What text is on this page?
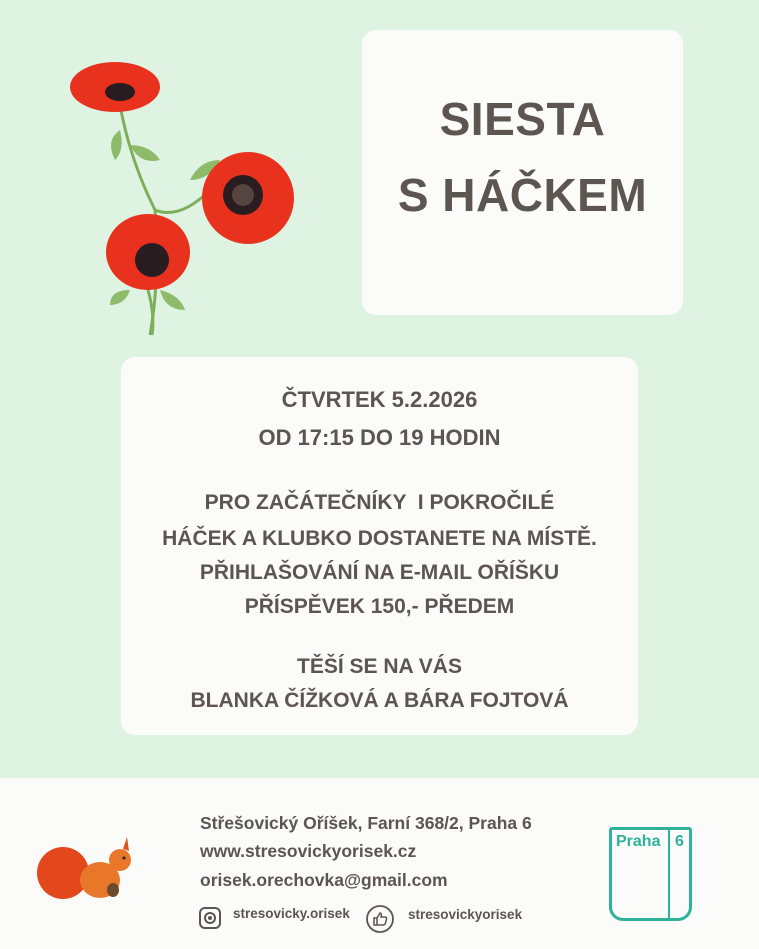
SIESTA
S HÁČKEM
ČTVRTEK 5.2.2026
OD 17:15 DO 19 HODIN
PRO ZAČÁTEČNÍKY  I POKROČILÉ
HÁČEK A KLUBKO DOSTANETE NA MÍSTĚ.
PŘIHLAŠOVÁNÍ NA E-MAIL OŘÍŠKU
PŘÍSPĚVEK 150,- PŘEDEM
TĚŠÍ SE NA VÁS
BLANKA ČÍŽKOVÁ A BÁRA FOJTOVÁ
Střešovický Oříšek, Farní 368/2, Praha 6
www.stresovickyorisek.cz
orisek.orechovka@gmail.com
stresovicky.orisek	stresovickyorisek
Praha 6
